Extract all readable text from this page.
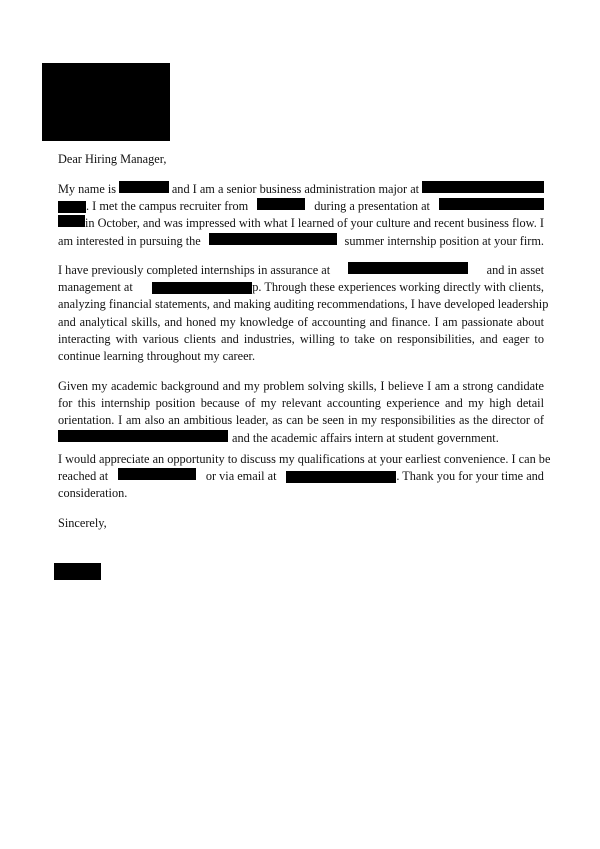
Dear Hiring Manager,
My name is	and I am a senior business administration major at
. I met the campus recruiter from	during a presentation at
in October, and was impressed with what I learned of your culture and recent business flow. I
am interested in pursuing the	summer internship position at your firm.
I have previously completed internships in assurance at	and in asset
management at	p. Through these experiences working directly with clients,
analyzing financial statements, and making auditing recommendations, I have developed leadership
and analytical skills, and honed my knowledge of accounting and finance. I am passionate about
interacting with various clients and industries, willing to take on responsibilities, and eager to
continue learning throughout my career.
Given my academic background and my problem solving skills, I believe I am a strong candidate
for this internship position because of my relevant accounting experience and my high detail
orientation. I am also an ambitious leader, as can be seen in my responsibilities as the director of
and the academic affairs intern at student government.
I would appreciate an opportunity to discuss my qualifications at your earliest convenience. I can be
reached at	or via email at	. Thank you for your time and
consideration.
Sincerely,
